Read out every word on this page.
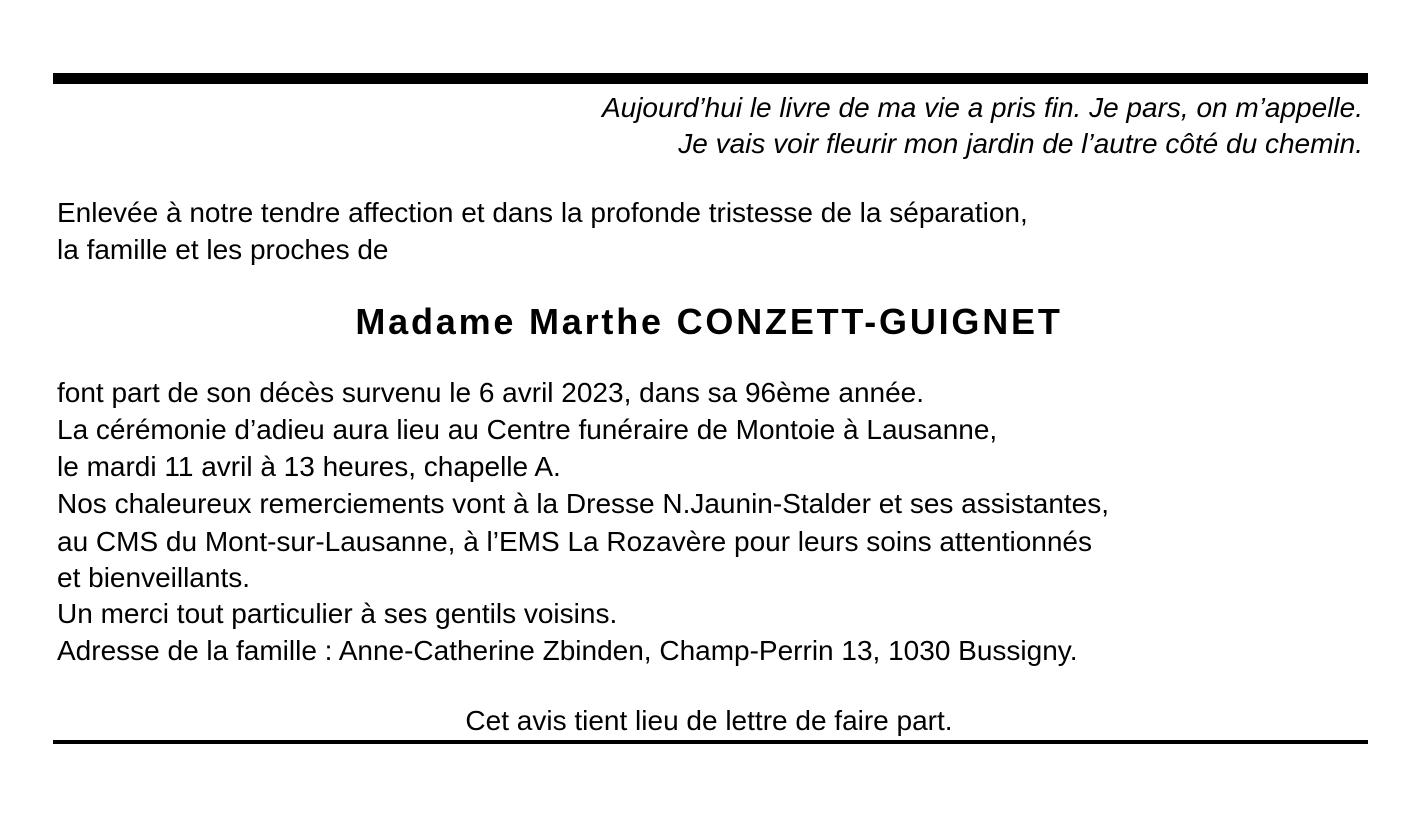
Aujourd’hui le livre de ma vie a pris fin. Je pars, on m’appelle.
Je vais voir fleurir mon jardin de l’autre côté du chemin.
Enlevée à notre tendre affection et dans la profonde tristesse de la séparation,
la famille et les proches de
Madame Marthe CONZETT-GUIGNET
font part de son décès survenu le 6 avril 2023, dans sa 96ème année.
La cérémonie d’adieu aura lieu au Centre funéraire de Montoie à Lausanne,
le mardi 11 avril à 13 heures, chapelle A.
Nos chaleureux remerciements vont à la Dresse N.Jaunin-Stalder et ses assistantes,
au CMS du Mont-sur-Lausanne, à l’EMS La Rozavère pour leurs soins attentionnés
et bienveillants.
Un merci tout particulier à ses gentils voisins.
Adresse de la famille : Anne-Catherine Zbinden, Champ-Perrin 13, 1030 Bussigny.
Cet avis tient lieu de lettre de faire part.
